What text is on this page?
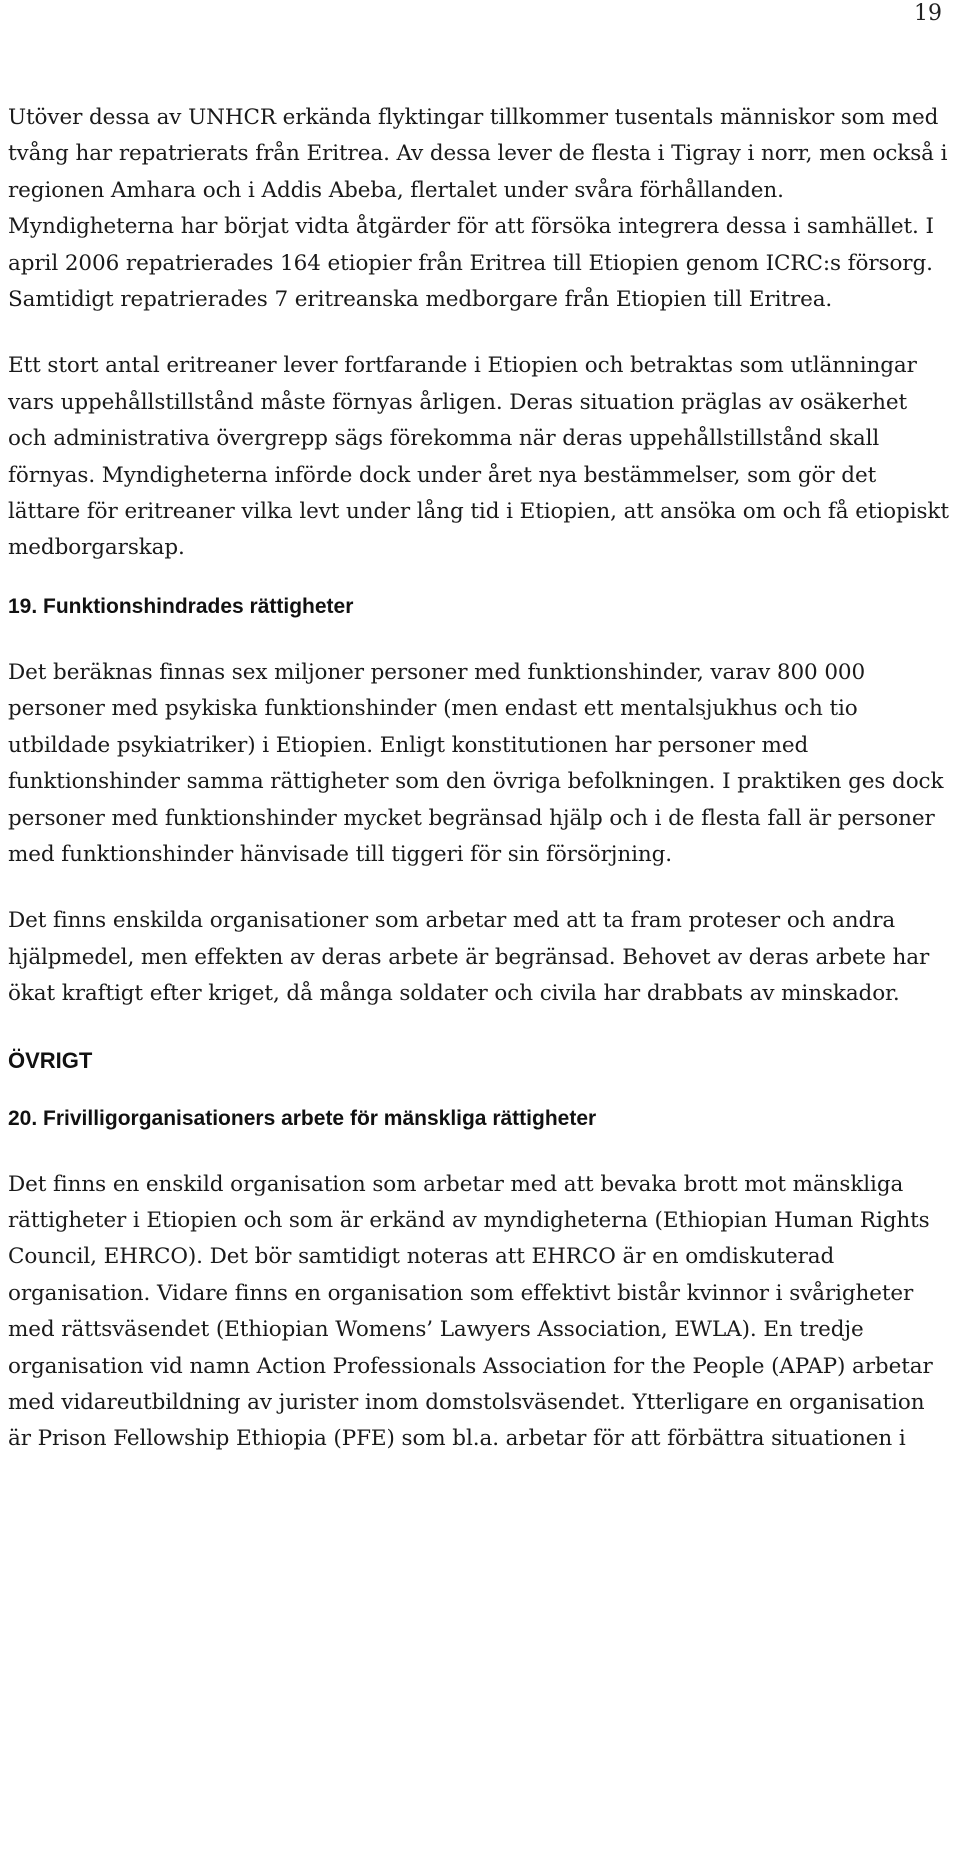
19

Utöver dessa av UNHCR erkända flyktingar tillkommer tusentals människor som med tvång har repatrierats från Eritrea. Av dessa lever de flesta i Tigray i norr, men också i regionen Amhara och i Addis Abeba, flertalet under svåra förhållanden. Myndigheterna har börjat vidta åtgärder för att försöka integrera dessa i samhället. I april 2006 repatrierades 164 etiopier från Eritrea till Etiopien genom ICRC:s försorg. Samtidigt repatrierades 7 eritreanska medborgare från Etiopien till Eritrea.

Ett stort antal eritreaner lever fortfarande i Etiopien och betraktas som utlänningar vars uppehållstillstånd måste förnyas årligen. Deras situation präglas av osäkerhet och administrativa övergrepp sägs förekomma när deras uppehållstillstånd skall förnyas. Myndigheterna införde dock under året nya bestämmelser, som gör det lättare för eritreaner vilka levt under lång tid i Etiopien, att ansöka om och få etiopiskt medborgarskap.

19. Funktionshindrades rättigheter

Det beräknas finnas sex miljoner personer med funktionshinder, varav 800 000 personer med psykiska funktionshinder (men endast ett mentalsjukhus och tio utbildade psykiatriker) i Etiopien. Enligt konstitutionen har personer med funktionshinder samma rättigheter som den övriga befolkningen. I praktiken ges dock personer med funktionshinder mycket begränsad hjälp och i de flesta fall är personer med funktionshinder hänvisade till tiggeri för sin försörjning.

Det finns enskilda organisationer som arbetar med att ta fram proteser och andra hjälpmedel, men effekten av deras arbete är begränsad. Behovet av deras arbete har ökat kraftigt efter kriget, då många soldater och civila har drabbats av minskador.

ÖVRIGT
20. Frivilligorganisationers arbete för mänskliga rättigheter

Det finns en enskild organisation som arbetar med att bevaka brott mot mänskliga rättigheter i Etiopien och som är erkänd av myndigheterna (Ethiopian Human Rights Council, EHRCO). Det bör samtidigt noteras att EHRCO är en omdiskuterad organisation. Vidare finns en organisation som effektivt bistår kvinnor i svårigheter med rättsväsendet (Ethiopian Womens’ Lawyers Association, EWLA). En tredje organisation vid namn Action Professionals Association for the People (APAP) arbetar med vidareutbildning av jurister inom domstolsväsendet. Ytterligare en organisation är Prison Fellowship Ethiopia (PFE) som bl.a. arbetar för att förbättra situationen i
